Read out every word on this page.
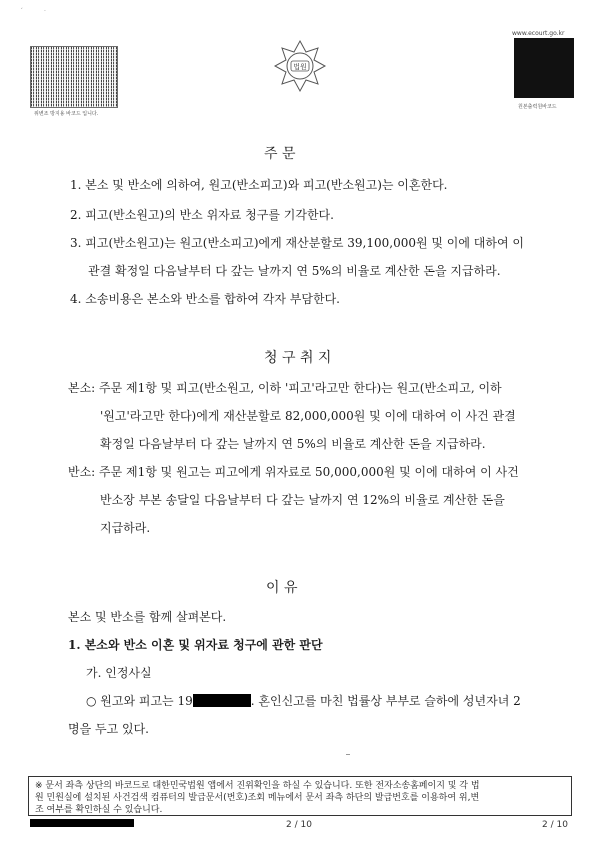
´	·
위변조 방지용 바코드 입니다.
법원
www.ecourt.go.kr
원본출력원바코드
주 문
1. 본소 및 반소에 의하여, 원고(반소피고)와 피고(반소원고)는 이혼한다.
2. 피고(반소원고)의 반소 위자료 청구를 기각한다.
3. 피고(반소원고)는 원고(반소피고)에게 재산분할로 39,100,000원 및 이에 대하여 이
관결 확정일 다음날부터 다 갚는 날까지 연 5%의 비율로 계산한 돈을 지급하라.
4. 소송비용은 본소와 반소를 합하여 각자 부담한다.
청 구 취 지
본소: 주문 제1항 및 피고(반소원고, 이하 '피고'라고만 한다)는 원고(반소피고, 이하
'원고'라고만 한다)에게 재산분할로 82,000,000원 및 이에 대하여 이 사건 관결
확정일 다음날부터 다 갚는 날까지 연 5%의 비율로 계산한 돈을 지급하라.
반소: 주문 제1항 및 원고는 피고에게 위자료로 50,000,000원 및 이에 대하여 이 사건
반소장 부본 송달일 다음날부터 다 갚는 날까지 연 12%의 비율로 계산한 돈을
지급하라.
이 유
본소 및 반소를 함께 살펴본다.
1. 본소와 반소 이혼 및 위자료 청구에 관한 판단
가. 인정사실
○ 원고와 피고는 19	. 혼인신고를 마친 법률상 부부로 슬하에 성년자녀 2
명을 두고 있다.
※ 문서 좌측 상단의 바코드로 대한민국법원 앱에서 진위확인을 하실 수 있습니다. 또한 전자소송홈페이지 및 각 법
원 민원실에 설치된 사건검색 컴퓨터의 발급문서(번호)조회 메뉴에서 문서 좌측 하단의 발급번호를 이용하여 위,변
조 여부를 확인하실 수 있습니다.
2 / 10	2 / 10
